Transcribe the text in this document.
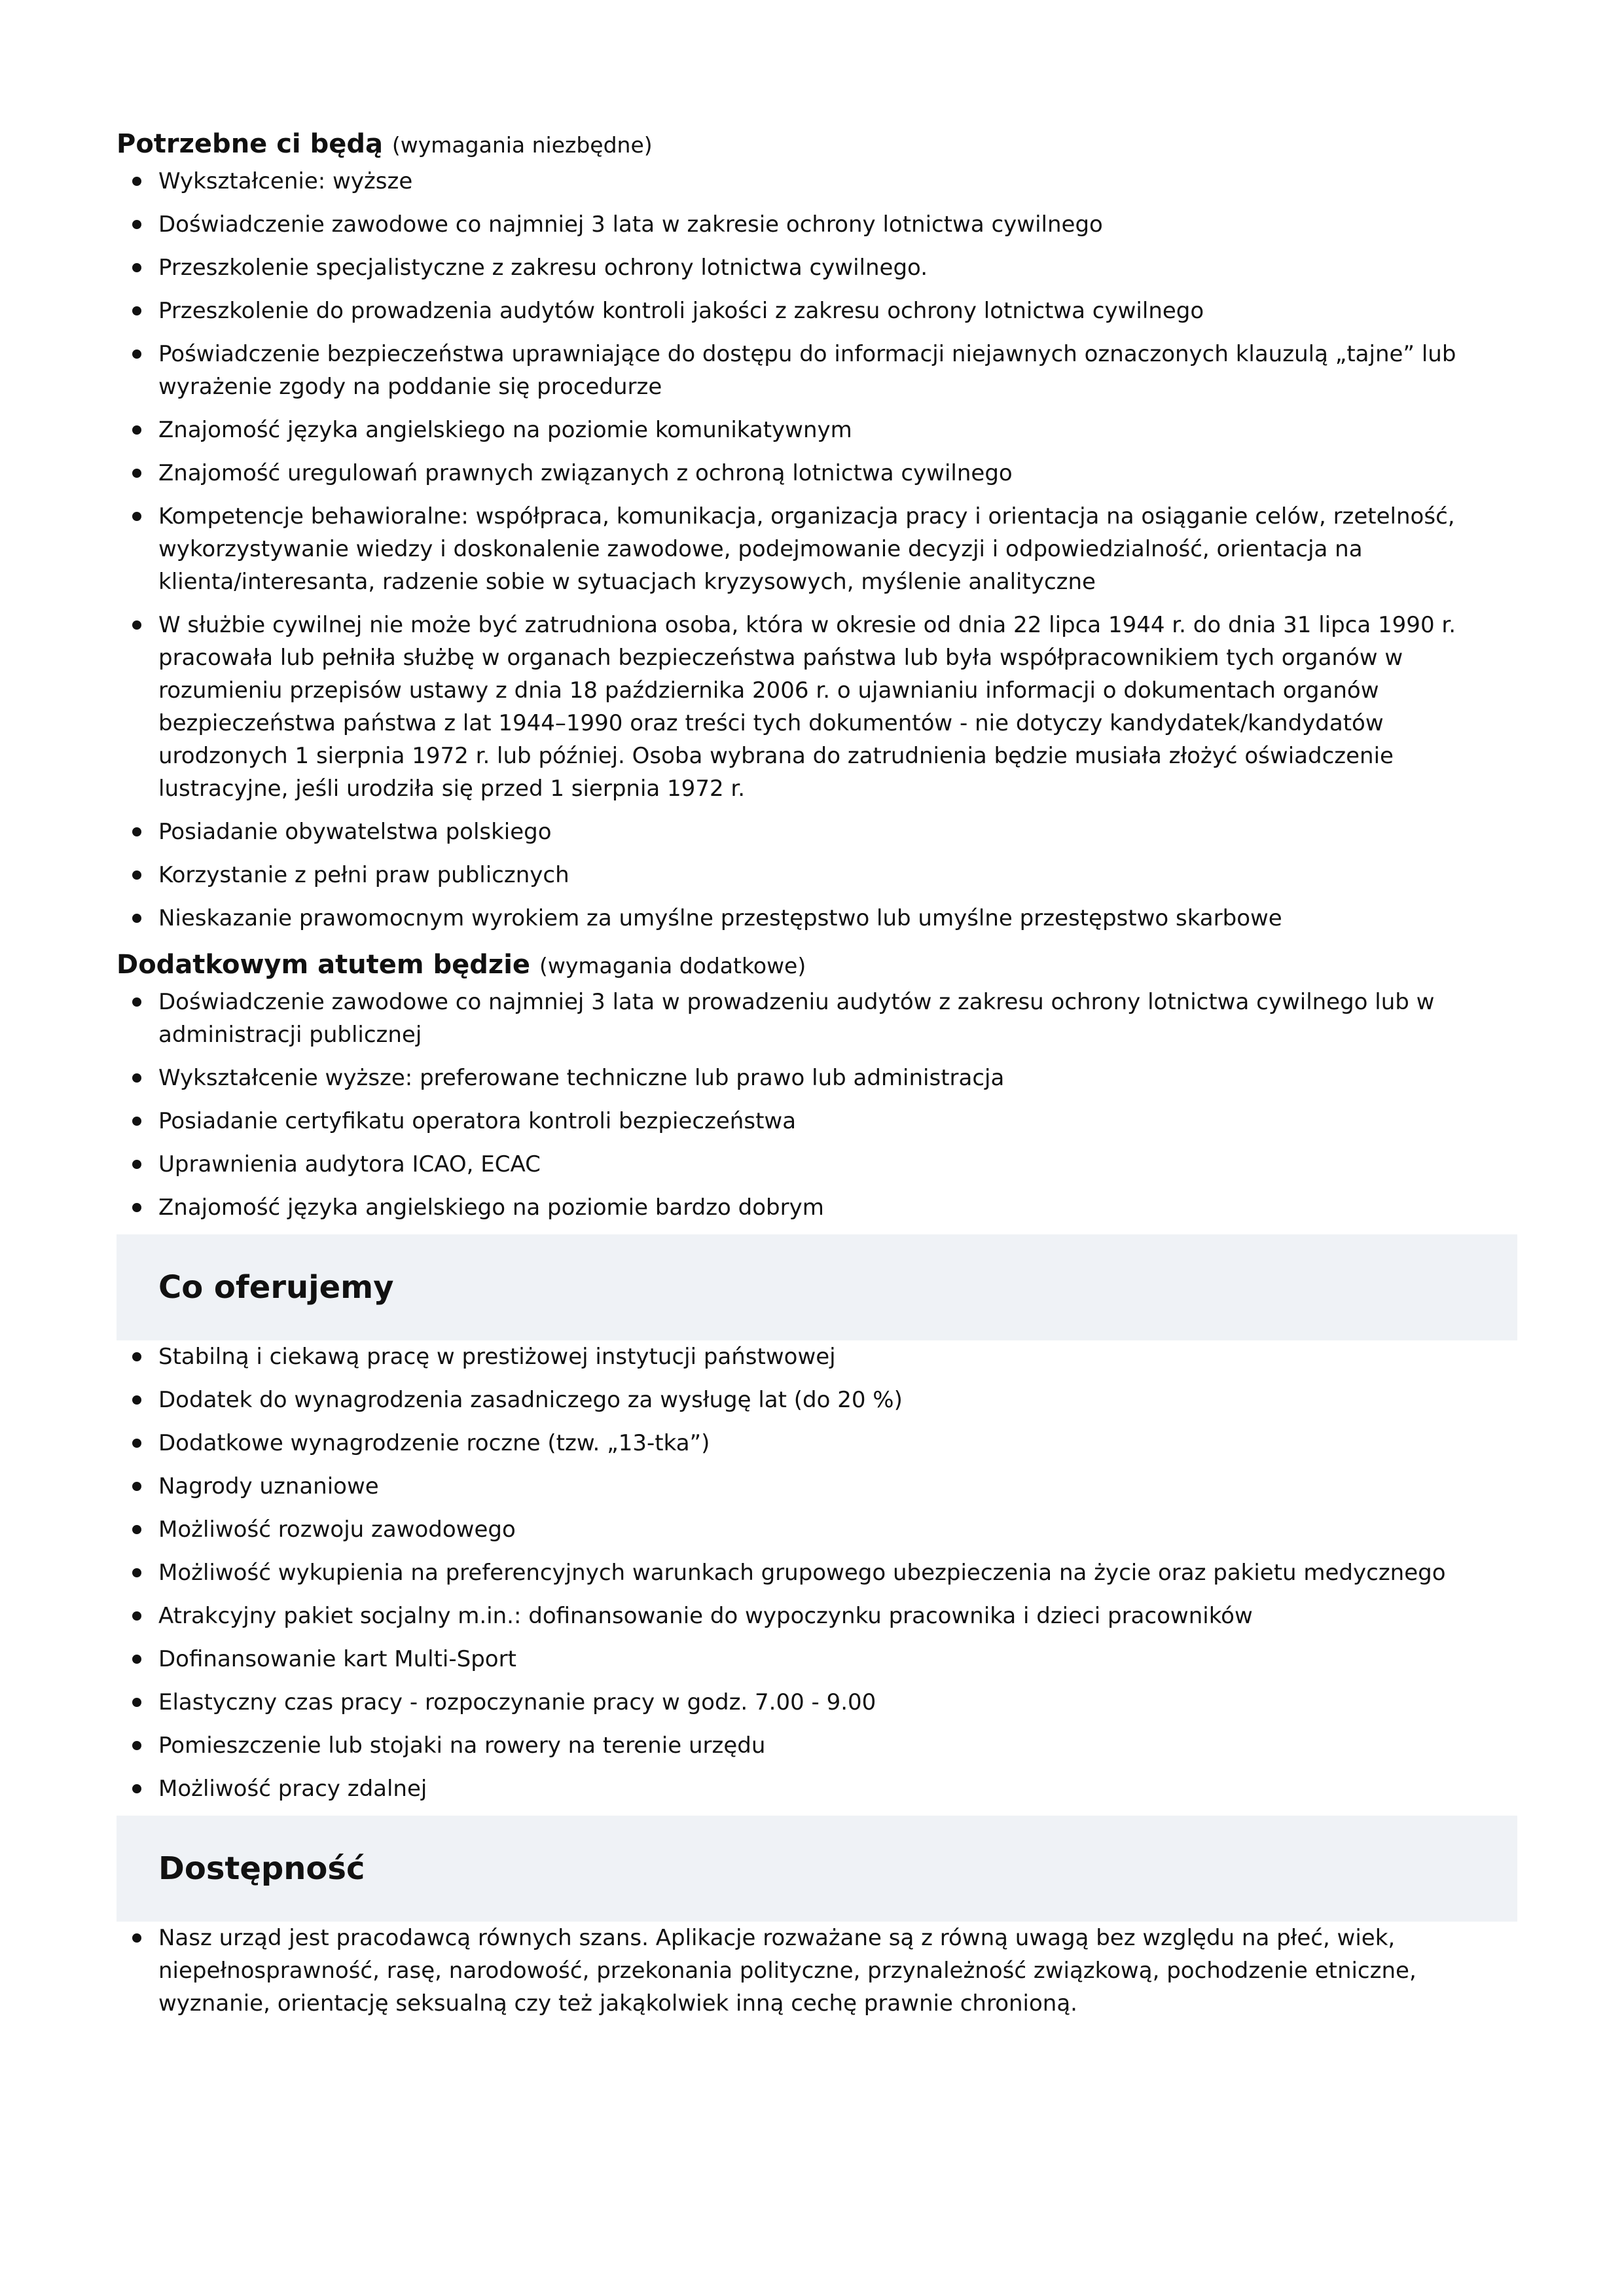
Potrzebne ci będą (wymagania niezbędne)
Wykształcenie: wyższe
Doświadczenie zawodowe co najmniej 3 lata w zakresie ochrony lotnictwa cywilnego
Przeszkolenie specjalistyczne z zakresu ochrony lotnictwa cywilnego.
Przeszkolenie do prowadzenia audytów kontroli jakości z zakresu ochrony lotnictwa cywilnego
Poświadczenie bezpieczeństwa uprawniające do dostępu do informacji niejawnych oznaczonych klauzulą „tajne” lub wyrażenie zgody na poddanie się procedurze
Znajomość języka angielskiego na poziomie komunikatywnym
Znajomość uregulowań prawnych związanych z ochroną lotnictwa cywilnego
Kompetencje behawioralne: współpraca, komunikacja, organizacja pracy i orientacja na osiąganie celów, rzetelność, wykorzystywanie wiedzy i doskonalenie zawodowe, podejmowanie decyzji i odpowiedzialność, orientacja na klienta/interesanta, radzenie sobie w sytuacjach kryzysowych, myślenie analityczne
W służbie cywilnej nie może być zatrudniona osoba, która w okresie od dnia 22 lipca 1944 r. do dnia 31 lipca 1990 r. pracowała lub pełniła służbę w organach bezpieczeństwa państwa lub była współpracownikiem tych organów w rozumieniu przepisów ustawy z dnia 18 października 2006 r. o ujawnianiu informacji o dokumentach organów bezpieczeństwa państwa z lat 1944–1990 oraz treści tych dokumentów - nie dotyczy kandydatek/kandydatów urodzonych 1 sierpnia 1972 r. lub później. Osoba wybrana do zatrudnienia będzie musiała złożyć oświadczenie lustracyjne, jeśli urodziła się przed 1 sierpnia 1972 r.
Posiadanie obywatelstwa polskiego
Korzystanie z pełni praw publicznych
Nieskazanie prawomocnym wyrokiem za umyślne przestępstwo lub umyślne przestępstwo skarbowe
Dodatkowym atutem będzie (wymagania dodatkowe)
Doświadczenie zawodowe co najmniej 3 lata w prowadzeniu audytów z zakresu ochrony lotnictwa cywilnego lub w administracji publicznej
Wykształcenie wyższe: preferowane techniczne lub prawo lub administracja
Posiadanie certyfikatu operatora kontroli bezpieczeństwa
Uprawnienia audytora ICAO, ECAC
Znajomość języka angielskiego na poziomie bardzo dobrym
Co oferujemy
Stabilną i ciekawą pracę w prestiżowej instytucji państwowej
Dodatek do wynagrodzenia zasadniczego za wysługę lat (do 20 %)
Dodatkowe wynagrodzenie roczne (tzw. „13-tka”)
Nagrody uznaniowe
Możliwość rozwoju zawodowego
Możliwość wykupienia na preferencyjnych warunkach grupowego ubezpieczenia na życie oraz pakietu medycznego
Atrakcyjny pakiet socjalny m.in.: dofinansowanie do wypoczynku pracownika i dzieci pracowników
Dofinansowanie kart Multi-Sport
Elastyczny czas pracy - rozpoczynanie pracy w godz. 7.00 - 9.00
Pomieszczenie lub stojaki na rowery na terenie urzędu
Możliwość pracy zdalnej
Dostępność
Nasz urząd jest pracodawcą równych szans. Aplikacje rozważane są z równą uwagą bez względu na płeć, wiek, niepełnosprawność, rasę, narodowość, przekonania polityczne, przynależność związkową, pochodzenie etniczne, wyznanie, orientację seksualną czy też jakąkolwiek inną cechę prawnie chronioną.
